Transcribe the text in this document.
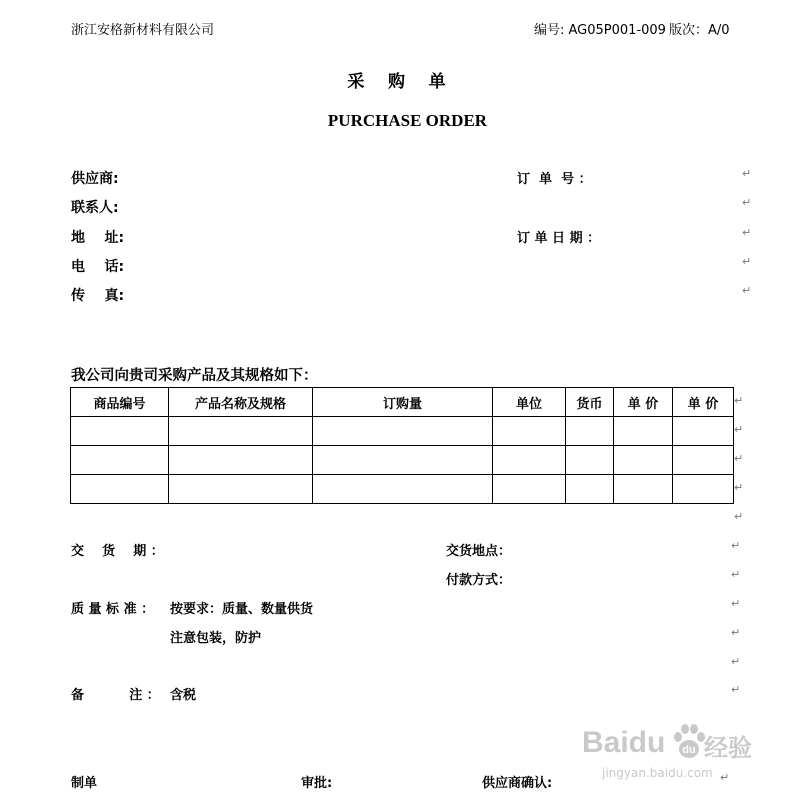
浙江安格新材料有限公司	编号: AG05P001-009 版次：A/0
采    购    单
PURCHASE ORDER
供应商:
联系人:
地    址:
电    话:
传    真:
订  单  号 ：
订 单 日 期 ：
↵
↵
↵
↵
↵
我公司向贵司采购产品及其规格如下：
商品编号	产品名称及规格	订购量	单位	货币	单 价	单 价

						↵
↵
↵
↵
↵
交    货    期 ：	交货地点：
付款方式：
质 量 标 准 ： 按要求：质量、数量供货
注意包装，防护
备          注 ： 含税
↵
↵
↵
↵
↵
↵
制单	审批:	供应商确认:	↵
Baidu du 经验
jingyan.baidu.com
